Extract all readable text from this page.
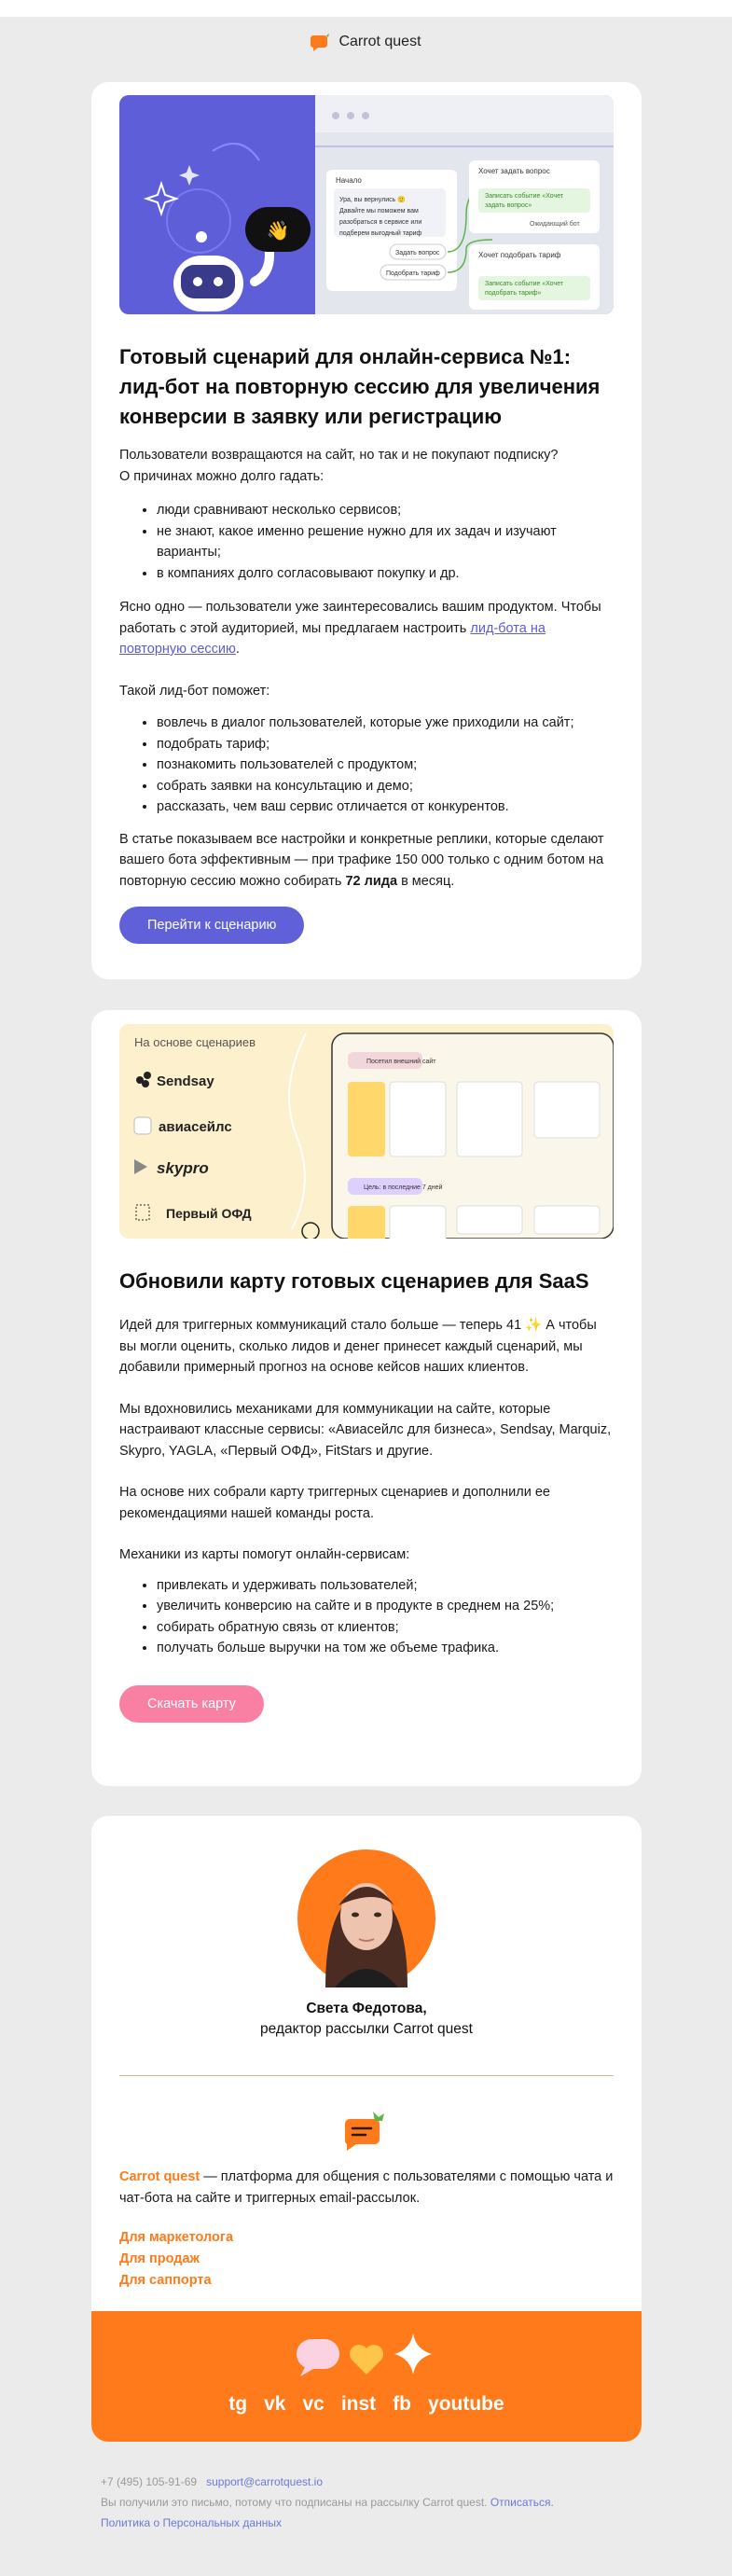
Carrot quest
👋
Начало
Ура, вы вернулись 🙂
Давайте мы поможем вам
разобраться в сервисе или
подберем выгодный тариф
Задать вопрос
Подобрать тариф
Хочет задать вопрос
Записать событие «Хочет
задать вопрос»
Ожидающий бот
Хочет подобрать тариф
Записать событие «Хочет
подобрать тариф»
Готовый сценарий для онлайн-сервиса №1: лид-бот на повторную сессию для увеличения конверсии в заявку или регистрацию

Пользователи возвращаются на сайт, но так и не покупают подписку?

О причинах можно долго гадать:

• люди сравнивают несколько сервисов;
• не знают, какое именно решение нужно для их задач и изучают варианты;
• в компаниях долго согласовывают покупку и др.

Ясно одно — пользователи уже заинтересовались вашим продуктом. Чтобы работать с этой аудиторией, мы предлагаем настроить лид-бота на повторную сессию.

Такой лид-бот поможет:

• вовлечь в диалог пользователей, которые уже приходили на сайт;
• подобрать тариф;
• познакомить пользователей с продуктом;
• собрать заявки на консультацию и демо;
• рассказать, чем ваш сервис отличается от конкурентов.

В статье показываем все настройки и конкретные реплики, которые сделают вашего бота эффективным — при трафике 150 000 только с одним ботом на повторную сессию можно собирать 72 лида в месяц.

Перейти к сценарию
На основе сценариев
Sendsay
авиасейлс
skypro
Первый ОФД
Посетил внешний сайт
Цель: в последние 7 дней
Обновили карту готовых сценариев для SaaS

Идей для триггерных коммуникаций стало больше — теперь 41 ✨ А чтобы вы могли оценить, сколько лидов и денег принесет каждый сценарий, мы добавили примерный прогноз на основе кейсов наших клиентов.

Мы вдохновились механиками для коммуникации на сайте, которые настраивают классные сервисы: «Авиасейлс для бизнеса», Sendsay, Marquiz, Skypro, YAGLA, «Первый ОФД», FitStars и другие.

На основе них собрали карту триггерных сценариев и дополнили ее рекомендациями нашей команды роста.

Механики из карты помогут онлайн-сервисам:

• привлекать и удерживать пользователей;
• увеличить конверсию на сайте и в продукте в среднем на 25%;
• собирать обратную связь от клиентов;
• получать больше выручки на том же объеме трафика.
Скачать карту
Света Федотова,
редактор рассылки Carrot quest

Carrot quest — платформа для общения с пользователями с помощью чата и чат-бота на сайте и триггерных email-рассылок.

Для маркетолога
Для продаж
Для саппорта
tg vk vc inst fb youtube
+7 (495) 105-91-69 support@carrotquest.io
Вы получили это письмо, потому что подписаны на рассылку Carrot quest. Отписаться.
Политика о Персональных данных
